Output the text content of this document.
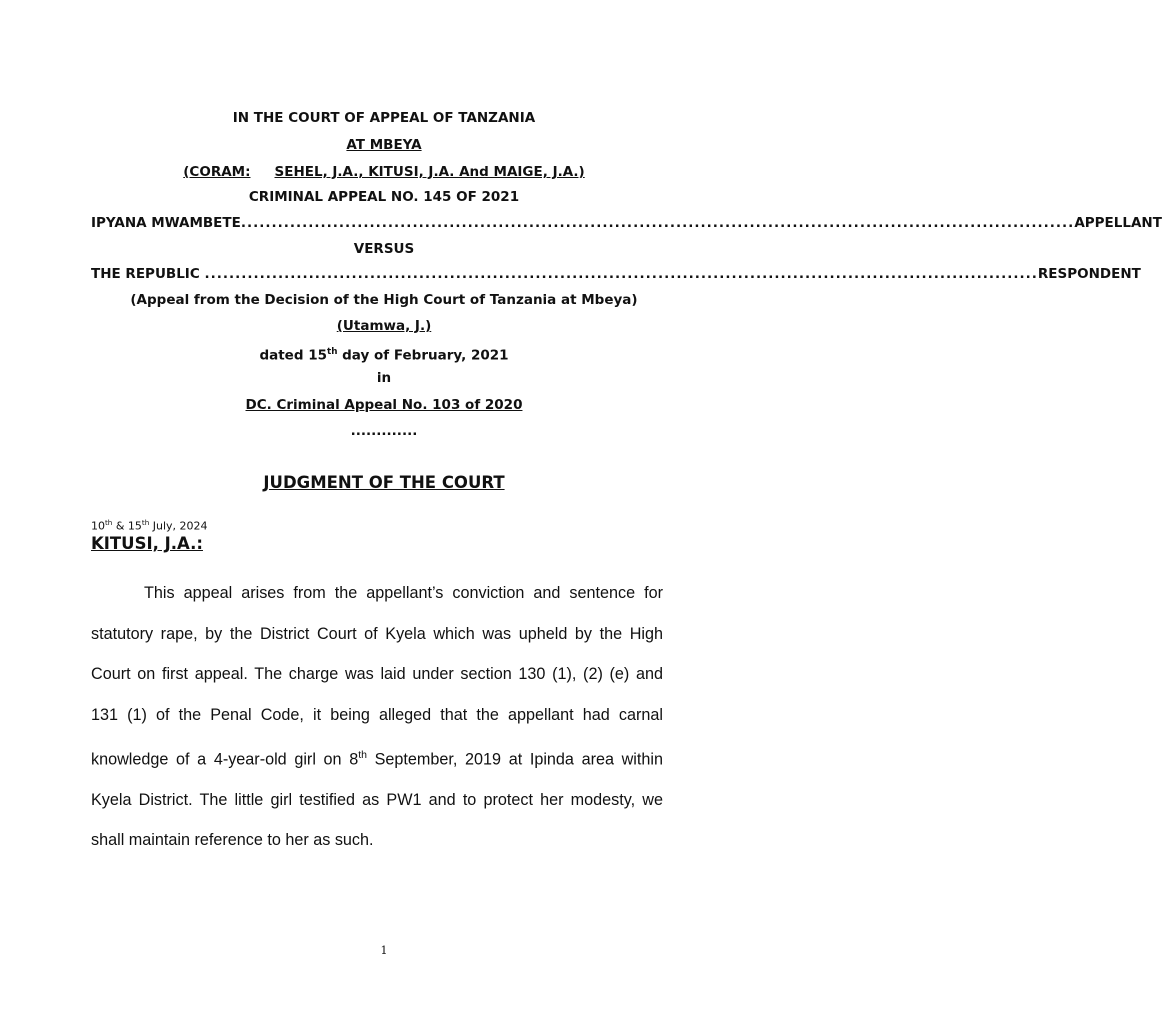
IN THE COURT OF APPEAL OF TANZANIA
AT MBEYA
(CORAM: SEHEL, J.A., KITUSI, J.A. And MAIGE, J.A.)
CRIMINAL APPEAL NO. 145 OF 2021
IPYANA MWAMBETE ........................................................................................................................................ APPELLANT
VERSUS
THE REPUBLIC ........................................................................................................................................ RESPONDENT
(Appeal from the Decision of the High Court of Tanzania at Mbeya)
(Utamwa, J.)
dated 15th day of February, 2021
in
DC. Criminal Appeal No. 103 of 2020
.............
JUDGMENT OF THE COURT
10th & 15th July, 2024
KITUSI, J.A.:

This appeal arises from the appellant’s conviction and sentence for statutory rape, by the District Court of Kyela which was upheld by the High Court on first appeal. The charge was laid under section 130 (1), (2) (e) and 131 (1) of the Penal Code, it being alleged that the appellant had carnal knowledge of a 4-year-old girl on 8th September, 2019 at Ipinda area within Kyela District. The little girl testified as PW1 and to protect her modesty, we shall maintain reference to her as such.

1
